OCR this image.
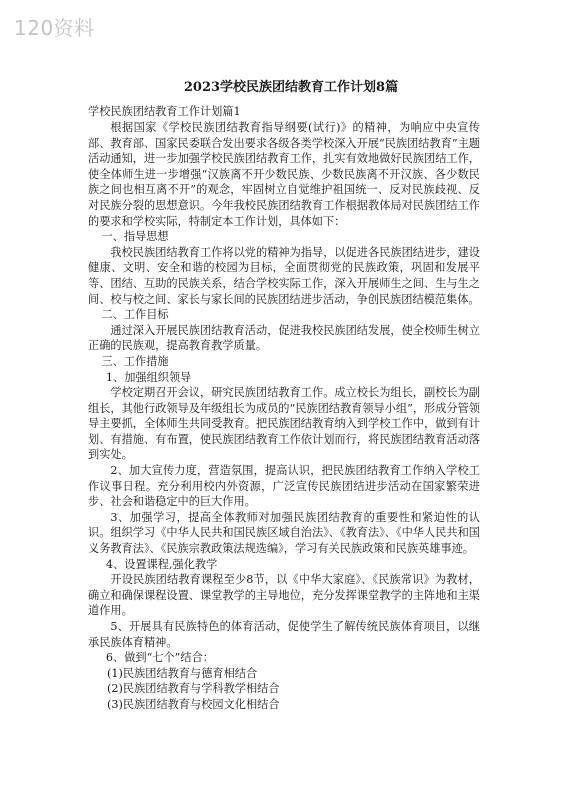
120资料
2023学校民族团结教育工作计划8篇
学校民族团结教育工作计划篇1

根据国家《学校民族团结教育指导纲要(试行)》的精神，为响应中央宣传部、教育部、国家民委联合发出要求各级各类学校深入开展“民族团结教育”主题活动通知，进一步加强学校民族团结教育工作，扎实有效地做好民族团结工作，使全体师生进一步增强“汉族离不开少数民族、少数民族离不开汉族、各少数民族之间也相互离不开”的观念，牢固树立自觉维护祖国统一、反对民族歧视、反对民族分裂的思想意识。今年我校民族团结教育工作根据教体局对民族团结工作的要求和学校实际，特制定本工作计划，具体如下：

一、指导思想

我校民族团结教育工作将以党的精神为指导，以促进各民族团结进步，建设健康、文明、安全和谐的校园为目标，全面贯彻党的民族政策，巩固和发展平等、团结、互助的民族关系，结合学校实际工作，深入开展师生之间、生与生之间、校与校之间、家长与家长间的民族团结进步活动，争创民族团结模范集体。

二、工作目标

通过深入开展民族团结教育活动，促进我校民族团结发展，使全校师生树立正确的民族观，提高教育教学质量。

三、工作措施
1、加强组织领导

学校定期召开会议，研究民族团结教育工作。成立校长为组长，副校长为副组长，其他行政领导及年级组长为成员的“民族团结教育领导小组”，形成分管领导主要抓，全体师生共同受教育。把民族团结教育纳入到学校工作中，做到有计划、有措施、有布置，使民族团结教育工作依计划而行，将民族团结教育活动落到实处。

2、加大宣传力度，营造氛围，提高认识，把民族团结教育工作纳入学校工作议事日程。充分利用校内外资源，广泛宣传民族团结进步活动在国家繁荣进步、社会和谐稳定中的巨大作用。

3、加强学习，提高全体教师对加强民族团结教育的重要性和紧迫性的认识。组织学习《中华人民共和国民族区域自治法》、《教育法》、《中华人民共和国义务教育法》、《民族宗教政策法规选编》，学习有关民族政策和民族英雄事迹。

4、设置课程,强化教学

开设民族团结教育课程至少8节，以《中华大家庭》、《民族常识》为教材，确立和确保课程设置、课堂教学的主导地位，充分发挥课堂教学的主阵地和主渠道作用。

5、开展具有民族特色的体育活动，促使学生了解传统民族体育项目，以继承民族体育精神。

6、做到“七个”结合：
(1)民族团结教育与德育相结合
(2)民族团结教育与学科教学相结合
(3)民族团结教育与校园文化相结合
